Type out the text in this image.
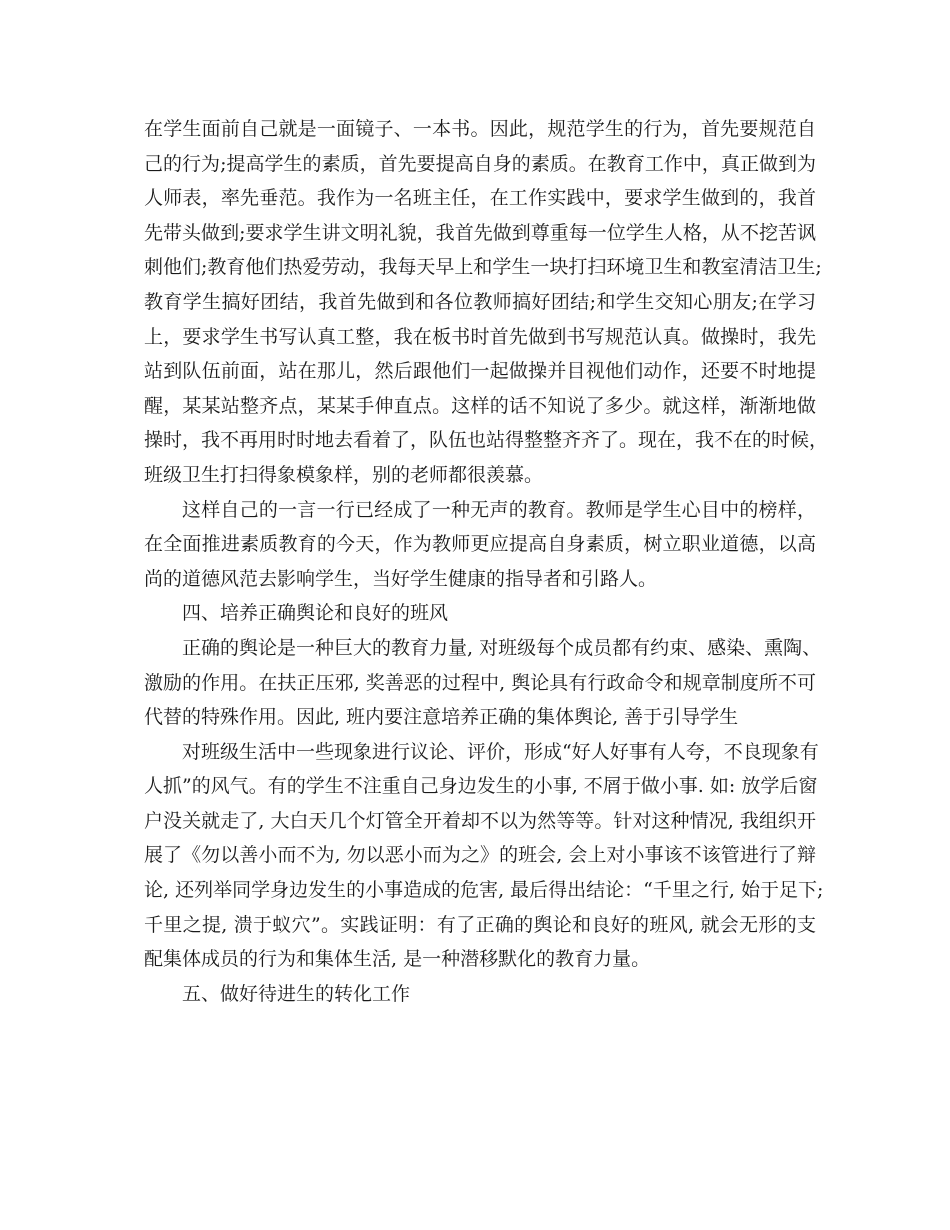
在学生面前自己就是一面镜子、一本书。因此，规范学生的行为，首先要规范自
己的行为;提高学生的素质，首先要提高自身的素质。在教育工作中，真正做到为
人师表，率先垂范。我作为一名班主任，在工作实践中，要求学生做到的，我首
先带头做到;要求学生讲文明礼貌，我首先做到尊重每一位学生人格，从不挖苦讽
刺他们;教育他们热爱劳动，我每天早上和学生一块打扫环境卫生和教室清洁卫生;
教育学生搞好团结，我首先做到和各位教师搞好团结;和学生交知心朋友;在学习
上，要求学生书写认真工整，我在板书时首先做到书写规范认真。做操时，我先
站到队伍前面，站在那儿，然后跟他们一起做操并目视他们动作，还要不时地提
醒，某某站整齐点，某某手伸直点。这样的话不知说了多少。就这样，渐渐地做
操时，我不再用时时地去看着了，队伍也站得整整齐齐了。现在，我不在的时候，
班级卫生打扫得象模象样，别的老师都很羡慕。
这样自己的一言一行已经成了一种无声的教育。教师是学生心目中的榜样，
在全面推进素质教育的今天，作为教师更应提高自身素质，树立职业道德，以高
尚的道德风范去影响学生，当好学生健康的指导者和引路人。
四、培养正确舆论和良好的班风
正确的舆论是一种巨大的教育力量, 对班级每个成员都有约束、感染、熏陶、
激励的作用。在扶正压邪, 奖善恶的过程中, 舆论具有行政命令和规章制度所不可
代替的特殊作用。因此, 班内要注意培养正确的集体舆论, 善于引导学生
对班级生活中一些现象进行议论、评价，形成“好人好事有人夸，不良现象有
人抓”的风气。有的学生不注重自己身边发生的小事, 不屑于做小事. 如: 放学后窗
户没关就走了, 大白天几个灯管全开着却不以为然等等。针对这种情况, 我组织开
展了《勿以善小而不为, 勿以恶小而为之》的班会, 会上对小事该不该管进行了辩
论, 还列举同学身边发生的小事造成的危害, 最后得出结论：“千里之行, 始于足下;
千里之提, 溃于蚁穴”。实践证明：有了正确的舆论和良好的班风, 就会无形的支
配集体成员的行为和集体生活, 是一种潜移默化的教育力量。
五、做好待进生的转化工作
